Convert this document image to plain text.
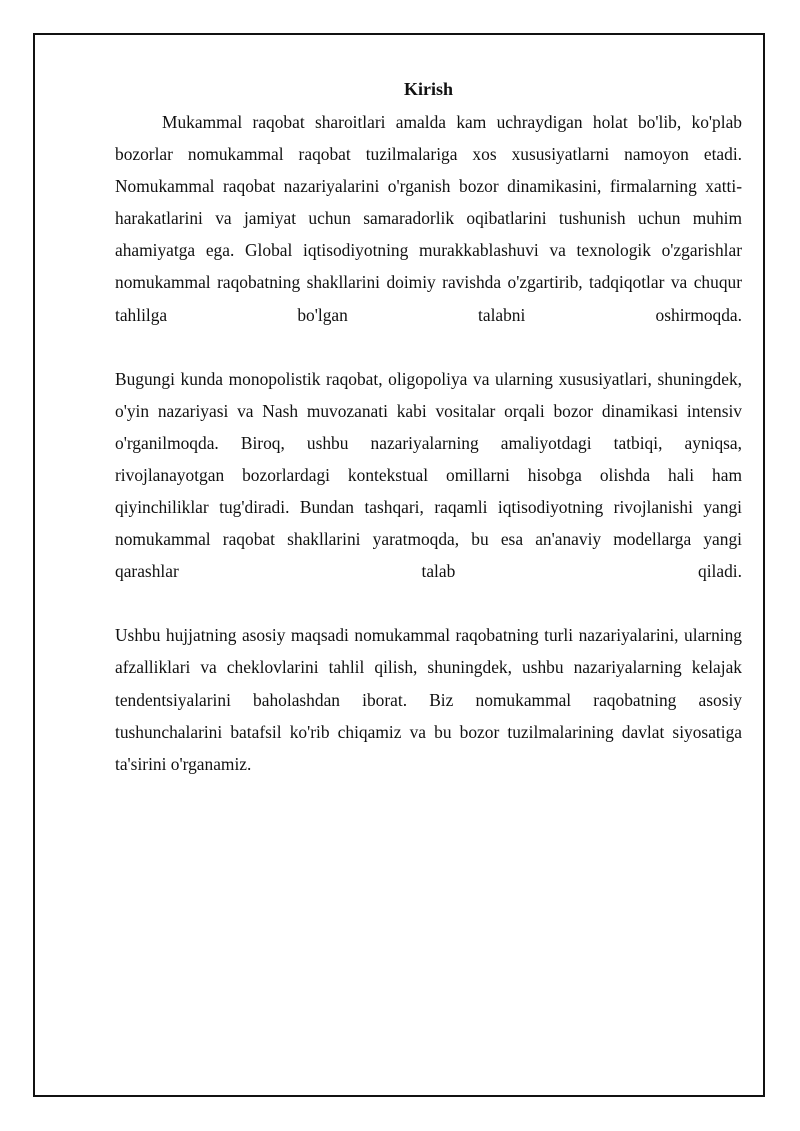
Kirish

Mukammal raqobat sharoitlari amalda kam uchraydigan holat bo'lib, ko'plab bozorlar nomukammal raqobat tuzilmalariga xos xususiyatlarni namoyon etadi. Nomukammal raqobat nazariyalarini o'rganish bozor dinamikasini, firmalarning xatti-harakatlarini va jamiyat uchun samaradorlik oqibatlarini tushunish uchun muhim ahamiyatga ega. Global iqtisodiyotning murakkablashuvi va texnologik o'zgarishlar nomukammal raqobatning shakllarini doimiy ravishda o'zgartirib, tadqiqotlar va chuqur tahlilga bo'lgan talabni oshirmoqda.

Bugungi kunda monopolistik raqobat, oligopoliya va ularning xususiyatlari, shuningdek, o'yin nazariyasi va Nash muvozanati kabi vositalar orqali bozor dinamikasi intensiv o'rganilmoqda. Biroq, ushbu nazariyalarning amaliyotdagi tatbiqi, ayniqsa, rivojlanayotgan bozorlardagi kontekstual omillarni hisobga olishda hali ham qiyinchiliklar tug'diradi. Bundan tashqari, raqamli iqtisodiyotning rivojlanishi yangi nomukammal raqobat shakllarini yaratmoqda, bu esa an'anaviy modellarga yangi qarashlar talab qiladi.

Ushbu hujjatning asosiy maqsadi nomukammal raqobatning turli nazariyalarini, ularning afzalliklari va cheklovlarini tahlil qilish, shuningdek, ushbu nazariyalarning kelajak tendentsiyalarini baholashdan iborat. Biz nomukammal raqobatning asosiy tushunchalarini batafsil ko'rib chiqamiz va bu bozor tuzilmalarining davlat siyosatiga ta'sirini o'rganamiz.
